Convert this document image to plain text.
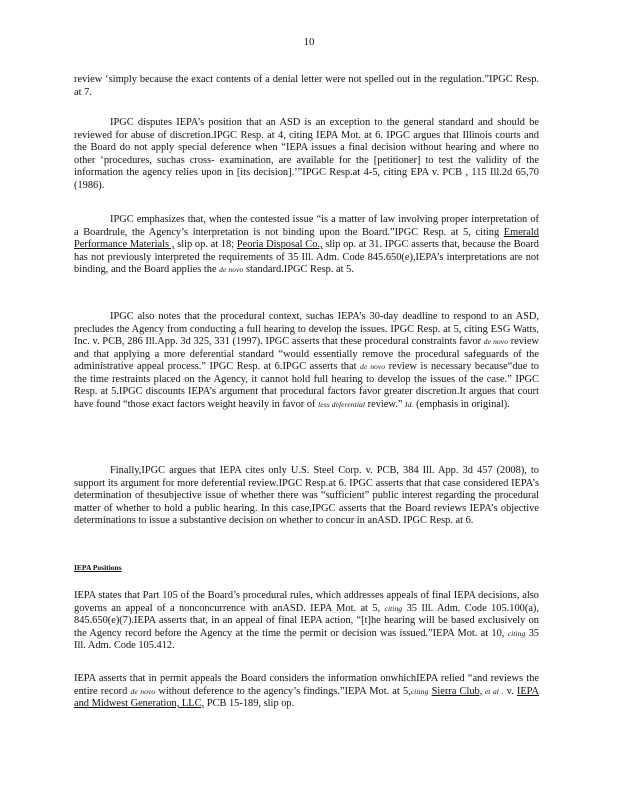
10

review ‘simply because the exact contents of a denial letter were not spelled out in the regulation.”IPGC Resp. at 7.

IPGC disputes IEPA’s position that an ASD is an exception to the general standard and should be reviewed for abuse of discretion.IPGC Resp. at 4, citing IEPA Mot. at 6. IPGC argues that Illinois courts and the Board do not apply special deference when “IEPA issues a final decision without hearing and where no other ‘procedures, suchas cross- examination, are available for the [petitioner] to test the validity of the information the agency relies upon in [its decision].’”IPGC Resp.at 4-5, citing EPA v. PCB , 115 Ill.2d 65,70 (1986).

IPGC emphasizes that, when the contested issue “is a matter of law involving proper interpretation of a Boardrule, the Agency’s interpretation is not binding upon the Board.”IPGC Resp. at 5, citing Emerald Performance Materials , slip op. at 18; Peoria Disposal Co., slip op. at 31. IPGC asserts that, because the Board has not previously interpreted the requirements of 35 Ill. Adm. Code 845.650(e),IEPA’s interpretations are not binding, and the Board applies the de novo standard.IPGC Resp. at 5.

IPGC also notes that the procedural context, suchas IEPA’s 30-day deadline to respond to an ASD, precludes the Agency from conducting a full hearing to develop the issues. IPGC Resp. at 5, citing ESG Watts, Inc. v. PCB, 286 Ill.App. 3d 325, 331 (1997). IPGC asserts that these procedural constraints favor de novo review and that applying a more deferential standard “would essentially remove the procedural safeguards of the administrative appeal process.” IPGC Resp. at 6.IPGC asserts that de novo review is necessary because“due to the time restraints placed on the Agency, it cannot hold full hearing to develop the issues of the case.” IPGC Resp. at 5.IPGC discounts IEPA’s argument that procedural factors favor greater discretion.It argues that court have found “those exact factors weight heavily in favor of less deferential review.” Id. (emphasis in original).

Finally,IPGC argues that IEPA cites only U.S. Steel Corp. v. PCB, 384 Ill. App. 3d 457 (2008), to support its argument for more deferential review.IPGC Resp.at 6. IPGC asserts that that case considered IEPA’s determination of thesubjective issue of whether there was “sufficient” public interest regarding the procedural matter of whether to hold a public hearing. In this case,IPGC asserts that the Board reviews IEPA’s objective determinations to issue a substantive decision on whether to concur in anASD. IPGC Resp. at 6.

IEPA Positions

IEPA states that Part 105 of the Board’s procedural rules, which addresses appeals of final IEPA decisions, also governs an appeal of a nonconcurrence with anASD. IEPA Mot. at 5, citing 35 Ill. Adm. Code 105.100(a), 845.650(e)(7).IEPA asserts that, in an appeal of final IEPA action, “[t]he hearing will be based exclusively on the Agency record before the Agency at the time the permit or decision was issued.”IEPA Mot. at 10, citing 35 Ill. Adm. Code 105.412.

IEPA asserts that in permit appeals the Board considers the information onwhichIEPA relied “and reviews the entire record de novo without deference to the agency’s findings.”IEPA Mot. at 5,citing Sierra Club, et al . v. IEPA and Midwest Generation, LLC, PCB 15-189, slip op.
